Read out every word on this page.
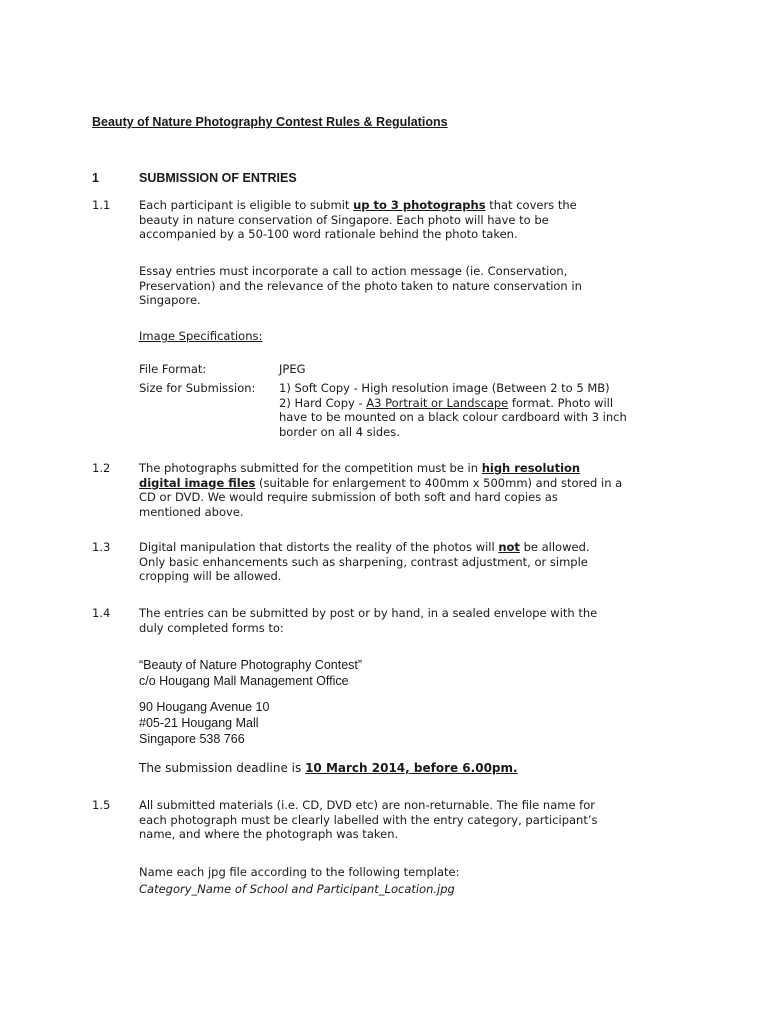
Beauty of Nature Photography Contest Rules & Regulations
1	SUBMISSION OF ENTRIES
1.1 Each participant is eligible to submit up to 3 photographs that covers the
beauty in nature conservation of Singapore. Each photo will have to be
accompanied by a 50-100 word rationale behind the photo taken.
Essay entries must incorporate a call to action message (ie. Conservation,
Preservation) and the relevance of the photo taken to nature conservation in
Singapore.
Image Specifications:
File Format:	JPEG
Size for Submission: 1) Soft Copy - High resolution image (Between 2 to 5 MB)
2) Hard Copy - A3 Portrait or Landscape format. Photo will
have to be mounted on a black colour cardboard with 3 inch
border on all 4 sides.
1.2 The photographs submitted for the competition must be in high resolution
digital image files (suitable for enlargement to 400mm x 500mm) and stored in a
CD or DVD. We would require submission of both soft and hard copies as
mentioned above.
1.3 Digital manipulation that distorts the reality of the photos will not be allowed.
Only basic enhancements such as sharpening, contrast adjustment, or simple
cropping will be allowed.
1.4 The entries can be submitted by post or by hand, in a sealed envelope with the
duly completed forms to:
“Beauty of Nature Photography Contest”
c/o Hougang Mall Management Office
90 Hougang Avenue 10
#05-21 Hougang Mall
Singapore 538 766
The submission deadline is 10 March 2014, before 6.00pm.
1.5 All submitted materials (i.e. CD, DVD etc) are non-returnable. The file name for
each photograph must be clearly labelled with the entry category, participant’s
name, and where the photograph was taken.
Name each jpg file according to the following template:
Category_Name of School and Participant_Location.jpg
